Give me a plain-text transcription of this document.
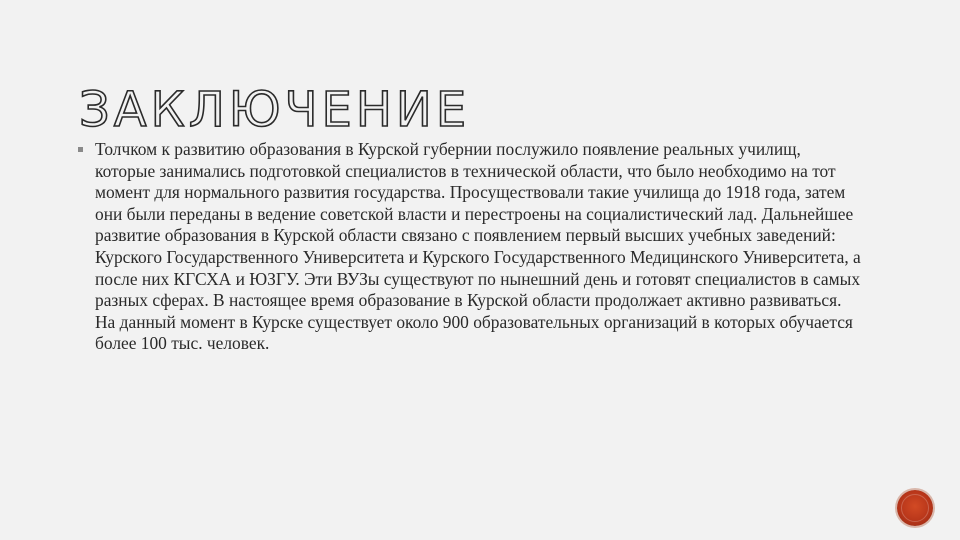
ЗАКЛЮЧЕНИЕ

Толчком к развитию образования в Курской губернии послужило появление реальных училищ, которые занимались подготовкой специалистов в технической области, что было необходимо на тот момент для нормального развития государства. Просуществовали такие училища до 1918 года, затем они были переданы в ведение советской власти и перестроены на социалистический лад. Дальнейшее развитие образования в Курской области связано с появлением первый высших учебных заведений: Курского Государственного Университета и Курского Государственного Медицинского Университета, а после них КГСХА и ЮЗГУ. Эти ВУЗы существуют по нынешний день и готовят специалистов в самых разных сферах. В настоящее время образование в Курской области продолжает активно развиваться. На данный момент в Курске существует около 900 образовательных организаций в которых обучается более 100 тыс. человек.
